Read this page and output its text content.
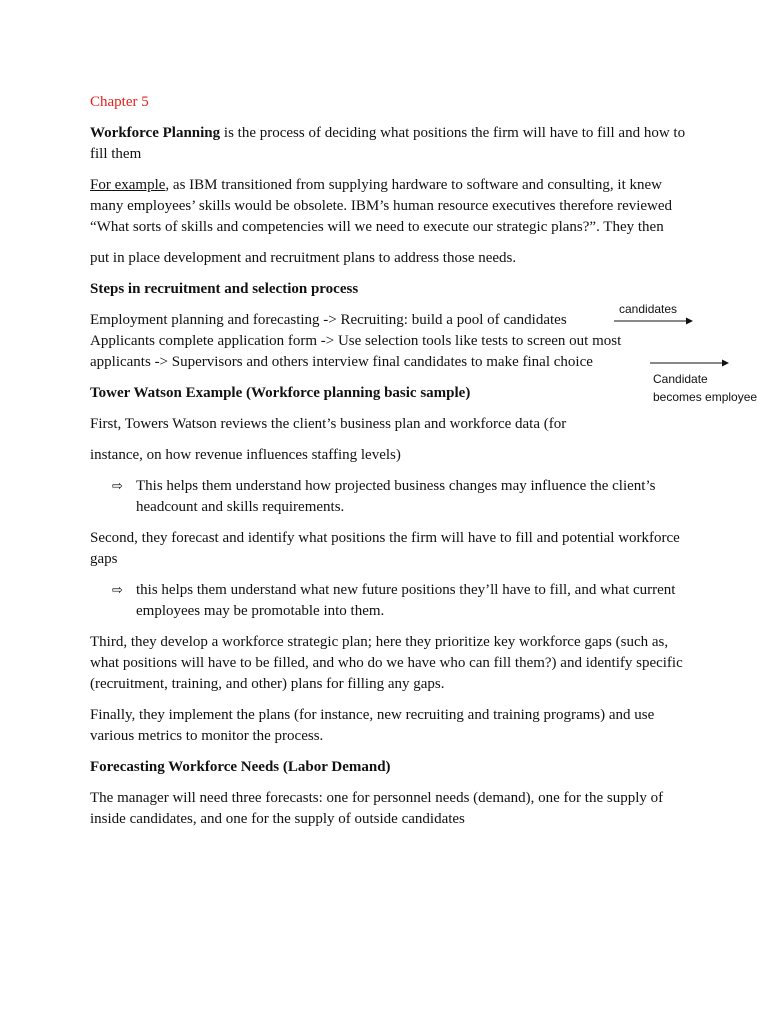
Chapter 5

Workforce Planning is the process of deciding what positions the firm will have to fill and how to fill them

For example, as IBM transitioned from supplying hardware to software and consulting, it knew many employees’ skills would be obsolete. IBM’s human resource executives therefore reviewed “What sorts of skills and competencies will we need to execute our strategic plans?”. They then

put in place development and recruitment plans to address those needs.

Steps in recruitment and selection process

Employment planning and forecasting -> Recruiting: build a pool of candidates

Applicants complete application form -> Use selection tools like tests to screen out most

applicants -> Supervisors and others interview final candidates to make final choice

candidates
Candidate
becomes employee

Tower Watson Example (Workforce planning basic sample)

First, Towers Watson reviews the client’s business plan and workforce data (for

instance, on how revenue influences staffing levels)

⇨ This helps them understand how projected business changes may influence the client’s headcount and skills requirements.

Second, they forecast and identify what positions the firm will have to fill and potential workforce gaps

⇨ this helps them understand what new future positions they’ll have to fill, and what current employees may be promotable into them.

Third, they develop a workforce strategic plan; here they prioritize key workforce gaps (such as, what positions will have to be filled, and who do we have who can fill them?) and identify specific (recruitment, training, and other) plans for filling any gaps.

Finally, they implement the plans (for instance, new recruiting and training programs) and use various metrics to monitor the process.

Forecasting Workforce Needs (Labor Demand)

The manager will need three forecasts: one for personnel needs (demand), one for the supply of inside candidates, and one for the supply of outside candidates
